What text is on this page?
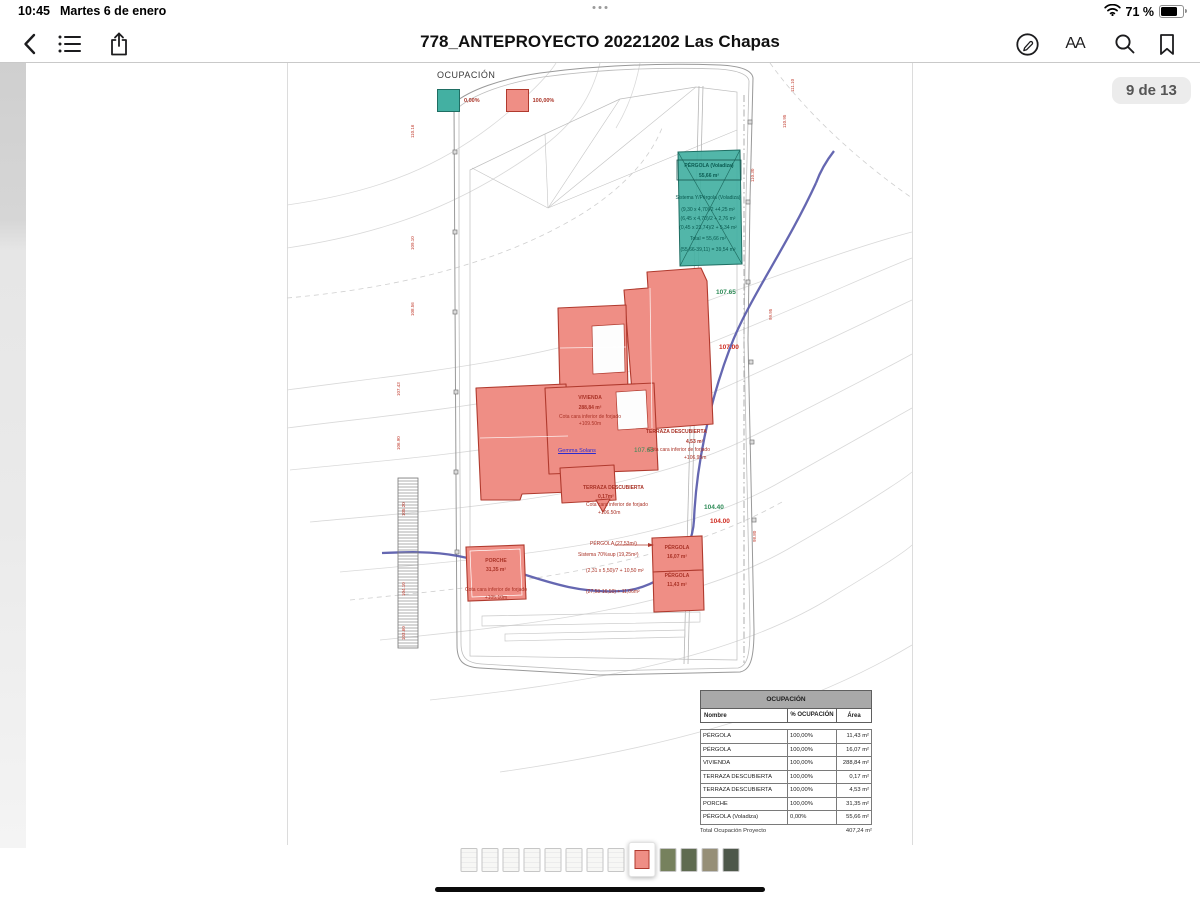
10:45 Martes 6 de enero	71 %
778_ANTEPROYECTO 20221202 Las Chapas	AA
9 de 13
OCUPACIÓN
0,00%	100,00%
PÉRGOLA (Voladiza)
55,66 m²
Sistema Y/Pérgola (Voladiza)
(9,30 x 4,70)/2 +4,25 m²
(6,45 x 4,70)/2 + 2,76 m²
(0,45 x 23,74)/2 + 5,34 m²
Total = 55,66 m²
(55,66-39,11) = 39,54 m²
107.65
107.00
VIVIENDA
288,84 m²
Cota cara inferior de forjado
+109.50m
Gemma Solans
TERRAZA DESCUBIERTA
4,53 m²
Cota cara inferior de forjado
+106.95m
107.65
TERRAZA DESCUBIERTA
0,17m²
Cota cara inferior de forjado
+106.50m
PÉRGOLA (27,53m²)
Sistema 70%sup (19,25m²)
(2,31 x 5,50)/7 + 10,50 m²
(27,53-16,50) + 11,06m²
104.40
104.00
PORCHE
31,35 m²
Cota cara inferior de forjado
+105.10m
PÉRGOLA
16,07 m²
PÉRGOLA
11,43 m²
110.16
109.10
108.56
107.43
106.90
105.20
104.10
103.60
111.10
110.95
110.30
99.95
98.80
OCUPACIÓN
Nombre	% OCUPACIÓN	Área
PÉRGOLA	100,00%	11,43 m²
PÉRGOLA	100,00%	16,07 m²
VIVIENDA	100,00%	288,84 m²
TERRAZA DESCUBIERTA	100,00%	0,17 m²
TERRAZA DESCUBIERTA	100,00%	4,53 m²
PORCHE	100,00%	31,35 m²
PÉRGOLA (Voladiza)	0,00%	55,66 m²
Total Ocupación Proyecto	407,24 m²
